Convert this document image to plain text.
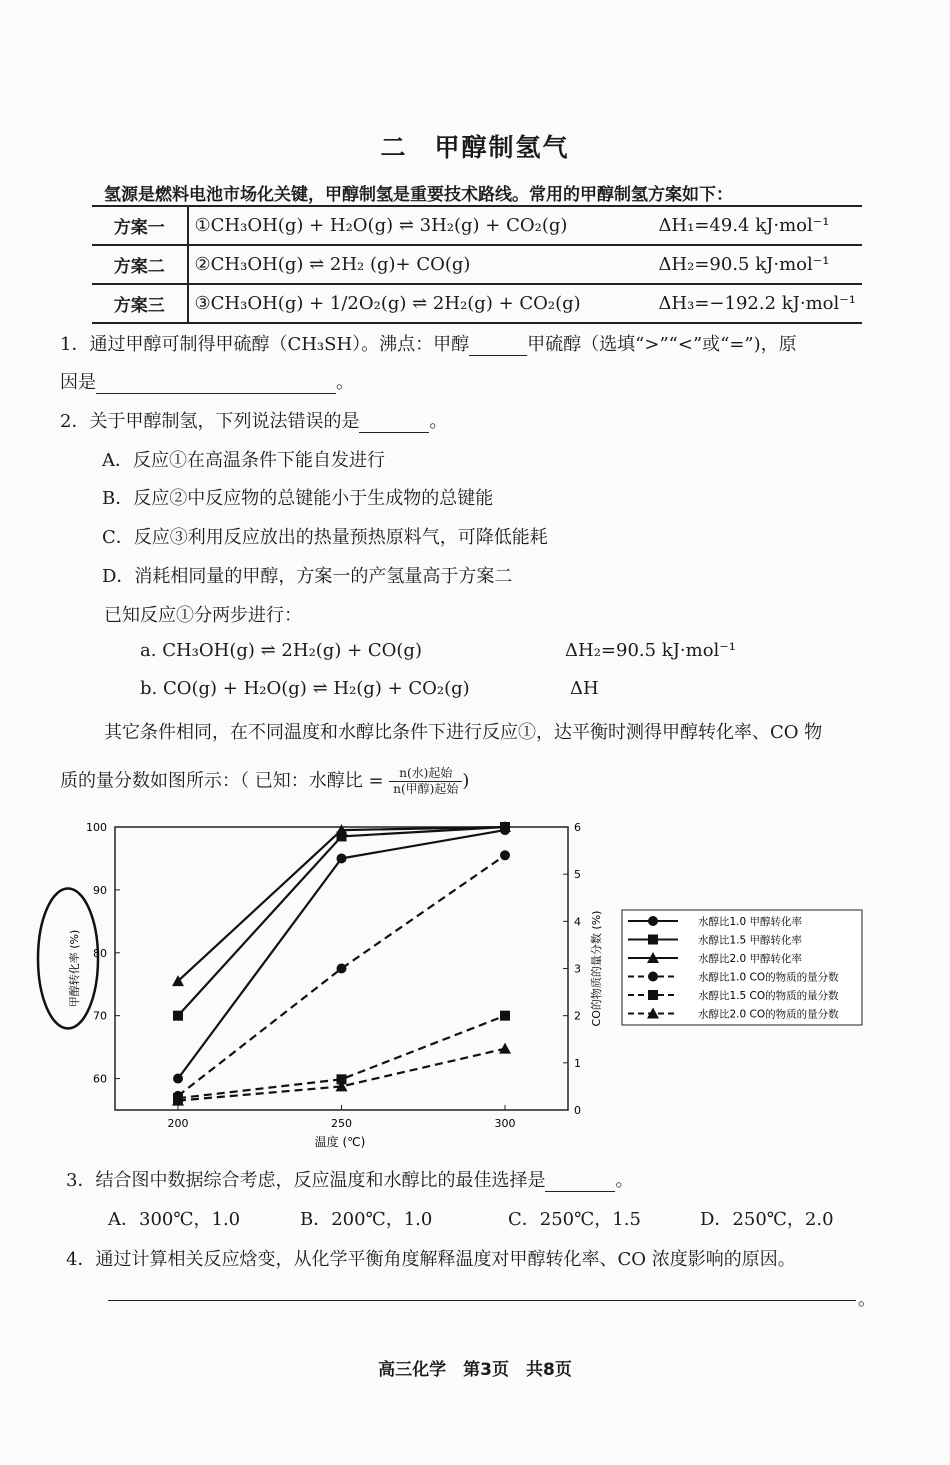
二　甲醇制氢气
氢源是燃料电池市场化关键，甲醇制氢是重要技术路线。常用的甲醇制氢方案如下：
方案一	①CH₃OH(g) + H₂O(g) ⇌ 3H₂(g) + CO₂(g)	ΔH₁=49.4 kJ·mol⁻¹
方案二	②CH₃OH(g) ⇌ 2H₂ (g)+ CO(g)	ΔH₂=90.5 kJ·mol⁻¹
方案三	③CH₃OH(g) + 1/2O₂(g) ⇌ 2H₂(g) + CO₂(g)	ΔH₃=−192.2 kJ·mol⁻¹
1．通过甲醇可制得甲硫醇（CH₃SH）。沸点：甲醇	甲硫醇（选填“>”“<”或“=”)，原
因是	。
2．关于甲醇制氢，下列说法错误的是	。
A．反应①在高温条件下能自发进行
B．反应②中反应物的总键能小于生成物的总键能
C．反应③利用反应放出的热量预热原料气，可降低能耗
D．消耗相同量的甲醇，方案一的产氢量高于方案二
已知反应①分两步进行：
a. CH₃OH(g) ⇌ 2H₂(g) + CO(g)	ΔH₂=90.5 kJ·mol⁻¹
b. CO(g) + H₂O(g) ⇌ H₂(g) + CO₂(g)	ΔH
其它条件相同，在不同温度和水醇比条件下进行反应①，达平衡时测得甲醇转化率、CO 物
质的量分数如图所示：（ 已知：水醇比 =	n(水)起始
n(甲醇)起始 )
60
70
80
90
100
0
1
2
3
4
5
6
200	250	300
温度 (℃)
甲醇转化率 (%)	CO的物质的量分数 (%)	水醇比1.0 甲醇转化率
水醇比1.5 甲醇转化率
水醇比2.0 甲醇转化率
水醇比1.0 CO的物质的量分数
水醇比1.5 CO的物质的量分数
水醇比2.0 CO的物质的量分数
3．结合图中数据综合考虑，反应温度和水醇比的最佳选择是	。
A．300℃，1.0	B．200℃，1.0	C．250℃，1.5	D．250℃，2.0
4．通过计算相关反应焓变，从化学平衡角度解释温度对甲醇转化率、CO 浓度影响的原因。
。
高三化学　第3页　共8页
